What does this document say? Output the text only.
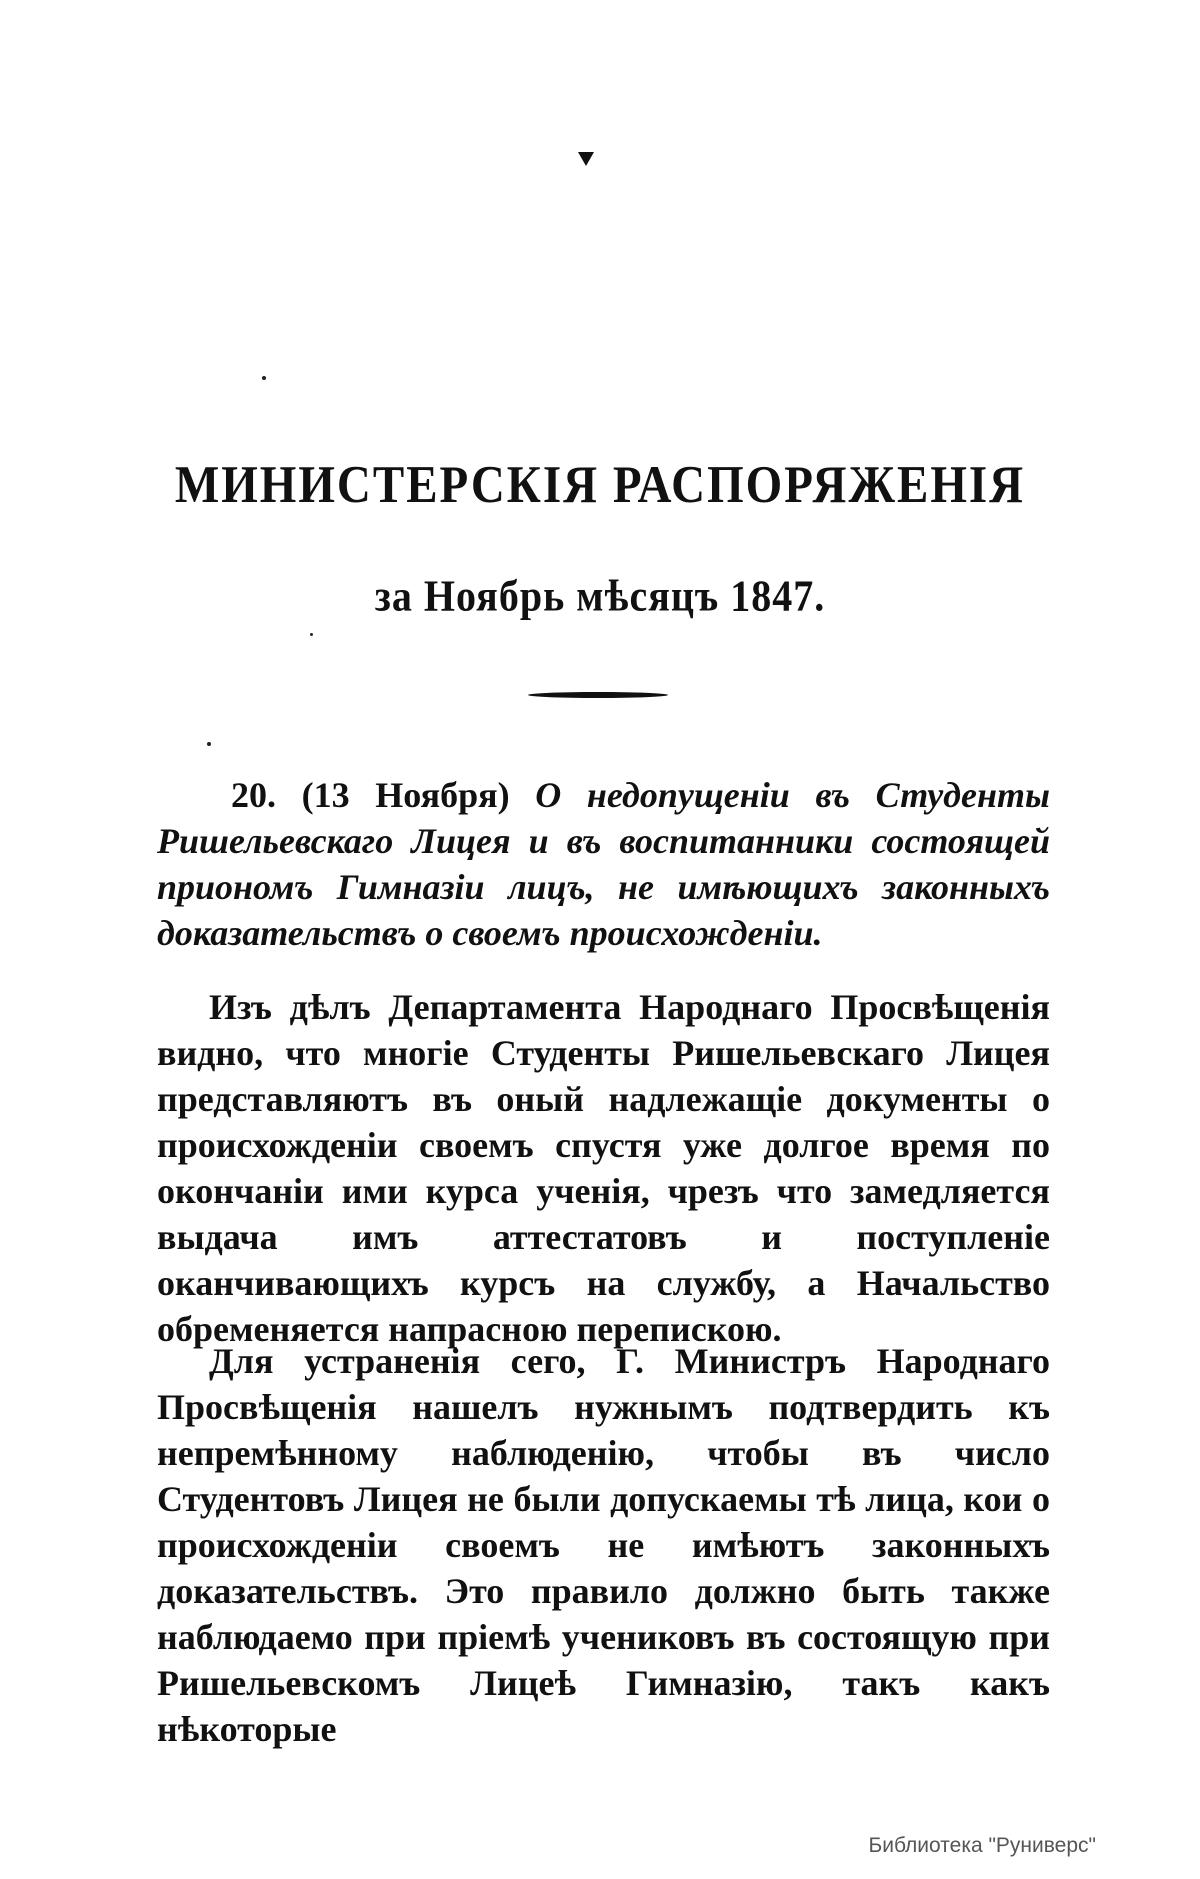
МИНИСТЕРСКІЯ РАСПОРЯЖЕНІЯ
за Ноябрь мѣсяцъ 1847.
20. (13 Ноября) О недопущеніи въ Студенты Ришельевскаго Лицея и въ воспитанники состоящей приономъ Гимназіи лицъ, не имѣющихъ законныхъ доказательствъ о своемъ происхожденіи.
Изъ дѣлъ Департамента Народнаго Просвѣщенія видно, что многіе Студенты Ришельевскаго Лицея представляютъ въ оный надлежащіе документы о происхожденіи своемъ спустя уже долгое время по окончаніи ими курса ученія, чрезъ что замедляется выдача имъ аттестатовъ и поступленіе оканчивающихъ курсъ на службу, а Начальство обременяется напрасною перепискою.
Для устраненія сего, Г. Министръ Народнаго Просвѣщенія нашелъ нужнымъ подтвердить къ непремѣнному наблюденію, чтобы въ число Студентовъ Лицея не были допускаемы тѣ лица, кои о происхожденіи своемъ не имѣютъ законныхъ доказательствъ. Это правило должно быть также наблюдаемо при пріемѣ учениковъ въ состоящую при Ришельевскомъ Лицеѣ Гимназію, такъ какъ нѣкоторые
Библиотека "Руниверс"
